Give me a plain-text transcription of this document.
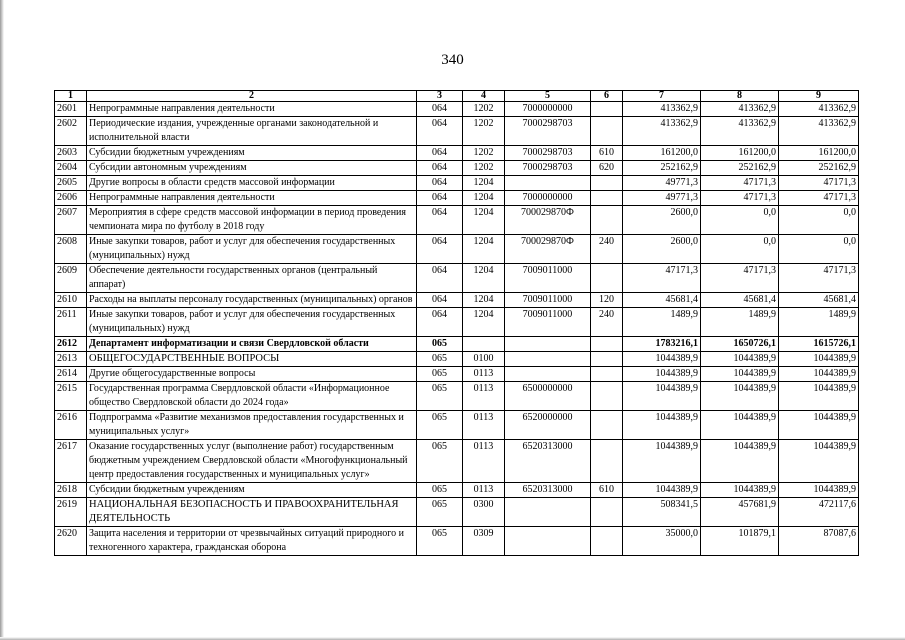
340
1	2	3	4	5	6	7	8	9
2601	Непрограммные направления деятельности	064	1202	7000000000		413362,9	413362,9	413362,9
2602	Периодические издания, учрежденные органами законодательной и исполнительной власти	064	1202	7000298703		413362,9	413362,9	413362,9
2603	Субсидии бюджетным учреждениям	064	1202	7000298703	610	161200,0	161200,0	161200,0
2604	Субсидии автономным учреждениям	064	1202	7000298703	620	252162,9	252162,9	252162,9
2605	Другие вопросы в области средств массовой информации	064	1204			49771,3	47171,3	47171,3
2606	Непрограммные направления деятельности	064	1204	7000000000		49771,3	47171,3	47171,3
2607	Мероприятия в сфере средств массовой информации в период проведения чемпионата мира по футболу в 2018 году	064	1204	700029870Ф		2600,0	0,0	0,0
2608	Иные закупки товаров, работ и услуг для обеспечения государственных (муниципальных) нужд	064	1204	700029870Ф	240	2600,0	0,0	0,0
2609	Обеспечение деятельности государственных органов (центральный аппарат)	064	1204	7009011000		47171,3	47171,3	47171,3
2610	Расходы на выплаты персоналу государственных (муниципальных) органов	064	1204	7009011000	120	45681,4	45681,4	45681,4
2611	Иные закупки товаров, работ и услуг для обеспечения государственных (муниципальных) нужд	064	1204	7009011000	240	1489,9	1489,9	1489,9
2612	Департамент информатизации и связи Свердловской области	065				1783216,1	1650726,1	1615726,1
2613	ОБЩЕГОСУДАРСТВЕННЫЕ ВОПРОСЫ	065	0100			1044389,9	1044389,9	1044389,9
2614	Другие общегосударственные вопросы	065	0113			1044389,9	1044389,9	1044389,9
2615	Государственная программа Свердловской области «Информационное общество Свердловской области до 2024 года»	065	0113	6500000000		1044389,9	1044389,9	1044389,9
2616	Подпрограмма «Развитие механизмов предоставления государственных и муниципальных услуг»	065	0113	6520000000		1044389,9	1044389,9	1044389,9
2617	Оказание государственных услуг (выполнение работ) государственным бюджетным учреждением Свердловской области «Многофункциональный центр предоставления государственных и муниципальных услуг»	065	0113	6520313000		1044389,9	1044389,9	1044389,9
2618	Субсидии бюджетным учреждениям	065	0113	6520313000	610	1044389,9	1044389,9	1044389,9
2619	НАЦИОНАЛЬНАЯ БЕЗОПАСНОСТЬ И ПРАВООХРАНИТЕЛЬНАЯ ДЕЯТЕЛЬНОСТЬ	065	0300			508341,5	457681,9	472117,6
2620	Защита населения и территории от чрезвычайных ситуаций природного и техногенного характера, гражданская оборона	065	0309			35000,0	101879,1	87087,6
